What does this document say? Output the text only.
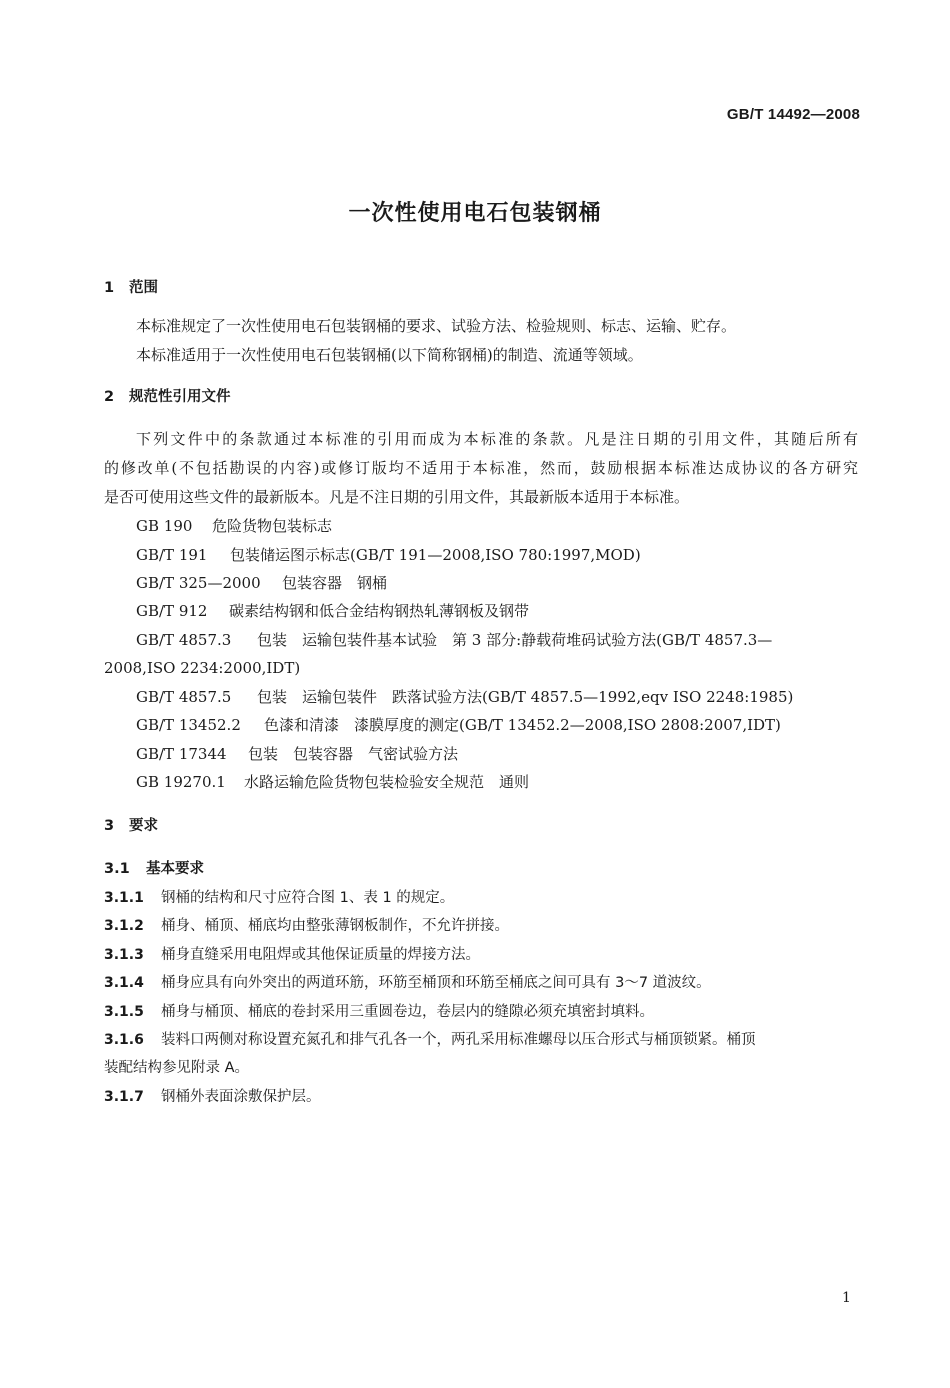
GB/T 14492—2008
一次性使用电石包装钢桶
1 范围
本标准规定了一次性使用电石包装钢桶的要求、试验方法、检验规则、标志、运输、贮存。
本标准适用于一次性使用电石包装钢桶(以下简称钢桶)的制造、流通等领域。
2 规范性引用文件
下列文件中的条款通过本标准的引用而成为本标准的条款。凡是注日期的引用文件，其随后所有
的修改单(不包括勘误的内容)或修订版均不适用于本标准，然而，鼓励根据本标准达成协议的各方研究
是否可使用这些文件的最新版本。凡是不注日期的引用文件，其最新版本适用于本标准。
GB 190 危险货物包装标志
GB/T 191 包装储运图示标志(GB/T 191—2008,ISO 780:1997,MOD)
GB/T 325—2000 包装容器　钢桶
GB/T 912 碳素结构钢和低合金结构钢热轧薄钢板及钢带
GB/T 4857.3 包装　运输包装件基本试验　第 3 部分:静载荷堆码试验方法(GB/T 4857.3—
2008,ISO 2234:2000,IDT)
GB/T 4857.5 包装　运输包装件　跌落试验方法(GB/T 4857.5—1992,eqv ISO 2248:1985)
GB/T 13452.2 色漆和清漆　漆膜厚度的测定(GB/T 13452.2—2008,ISO 2808:2007,IDT)
GB/T 17344 包装　包装容器　气密试验方法
GB 19270.1 水路运输危险货物包装检验安全规范　通则
3 要求
3.1 基本要求
3.1.1 钢桶的结构和尺寸应符合图 1、表 1 的规定。
3.1.2 桶身、桶顶、桶底均由整张薄钢板制作，不允许拼接。
3.1.3 桶身直缝采用电阻焊或其他保证质量的焊接方法。
3.1.4 桶身应具有向外突出的两道环筋，环筋至桶顶和环筋至桶底之间可具有 3～7 道波纹。
3.1.5 桶身与桶顶、桶底的卷封采用三重圆卷边，卷层内的缝隙必须充填密封填料。
3.1.6 装料口两侧对称设置充氮孔和排气孔各一个，两孔采用标准螺母以压合形式与桶顶锁紧。桶顶
装配结构参见附录 A。
3.1.7 钢桶外表面涂敷保护层。
1
